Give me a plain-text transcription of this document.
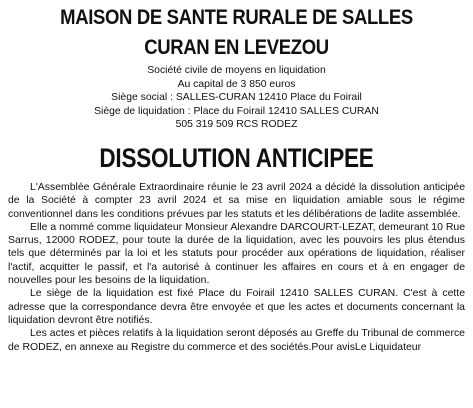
MAISON DE SANTE RURALE DE SALLES CURAN EN LEVEZOU
Société civile de moyens en liquidation
Au capital de 3 850 euros
Siège social : SALLES-CURAN 12410 Place du Foirail
Siège de liquidation : Place du Foirail 12410 SALLES CURAN
505 319 509 RCS RODEZ
DISSOLUTION ANTICIPEE

L'Assemblée Générale Extraordinaire réunie le 23 avril 2024 a décidé la dissolution anticipée de la Société à compter 23 avril 2024 et sa mise en liquidation amiable sous le régime conventionnel dans les conditions prévues par les statuts et les délibérations de ladite assemblée.

Elle a nommé comme liquidateur Monsieur Alexandre DARCOURT-LEZAT, demeurant 10 Rue Sarrus, 12000 RODEZ, pour toute la durée de la liquidation, avec les pouvoirs les plus étendus tels que déterminés par la loi et les statuts pour procéder aux opérations de liquidation, réaliser l'actif, acquitter le passif, et l'a autorisé à continuer les affaires en cours et à en engager de nouvelles pour les besoins de la liquidation.

Le siège de la liquidation est fixé Place du Foirail 12410 SALLES CURAN. C'est à cette adresse que la correspondance devra être envoyée et que les actes et documents concernant la liquidation devront être notifiés.

Les actes et pièces relatifs à la liquidation seront déposés au Greffe du Tribunal de commerce de RODEZ, en annexe au Registre du commerce et des sociétés.Pour avisLe Liquidateur
